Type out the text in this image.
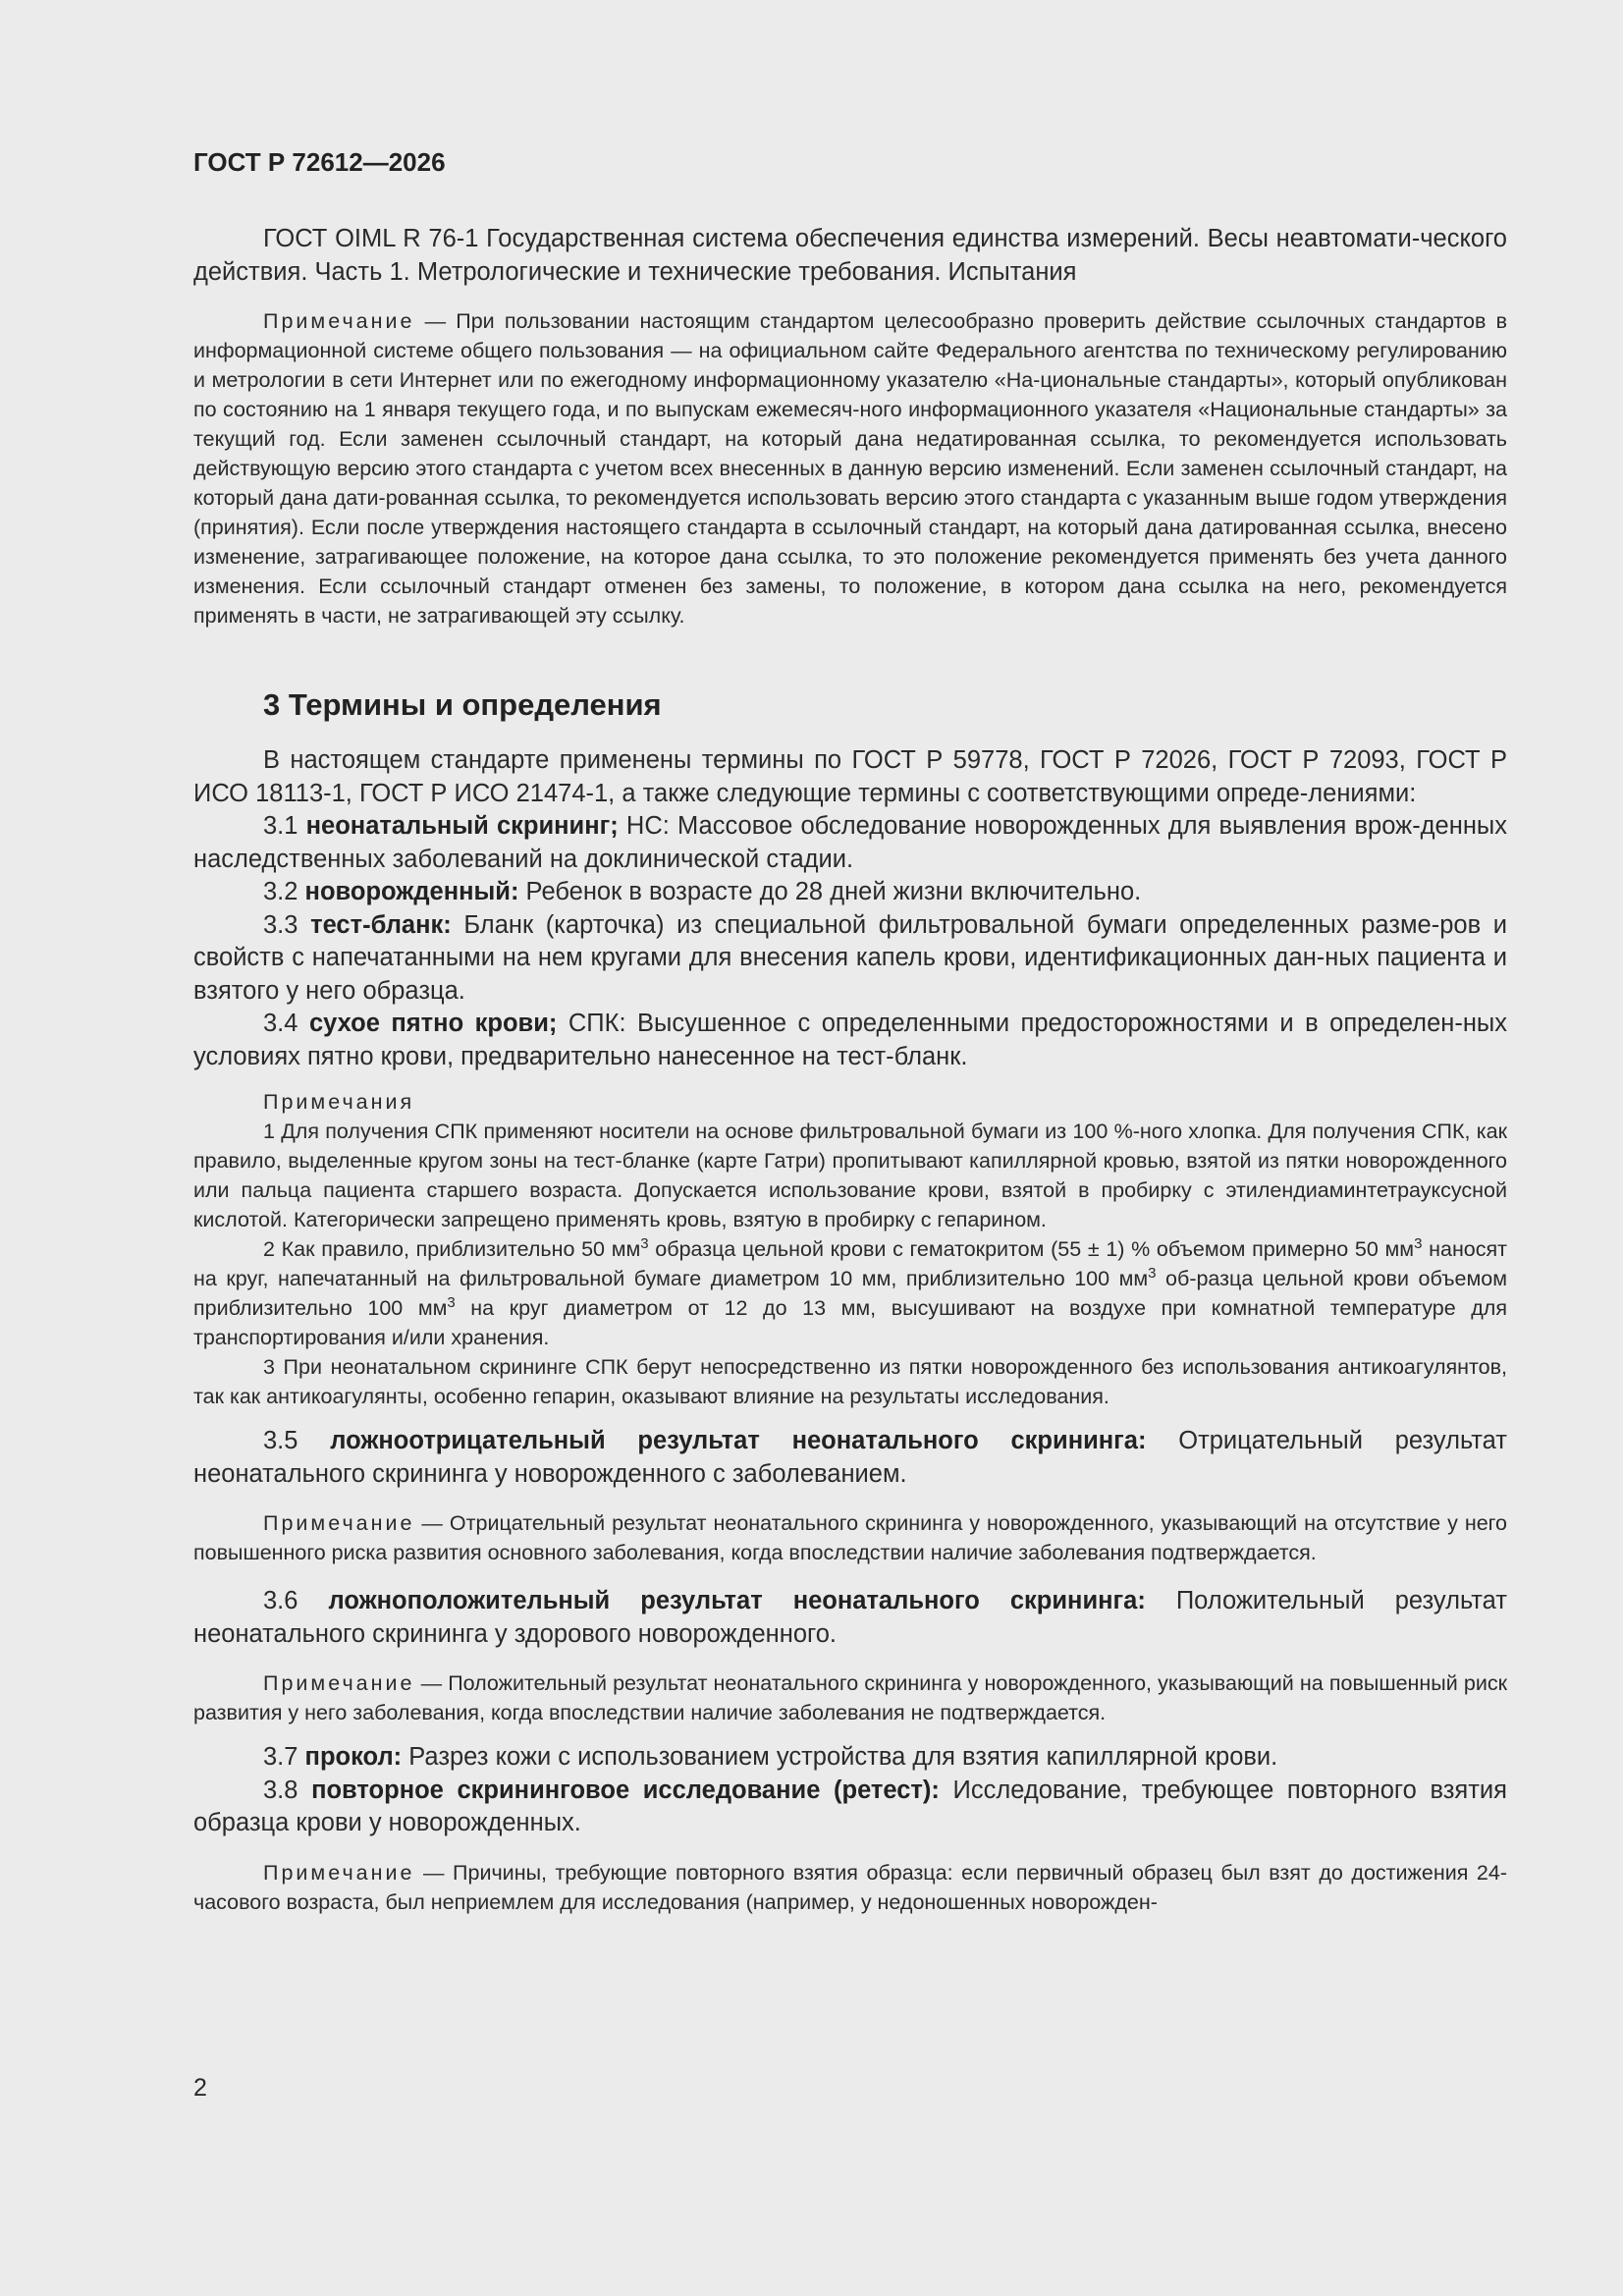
ГОСТ Р 72612—2026

ГОСТ OIML R 76-1 Государственная система обеспечения единства измерений. Весы неавтомати-ческого действия. Часть 1. Метрологические и технические требования. Испытания

Примечание — При пользовании настоящим стандартом целесообразно проверить действие ссылочных стандартов в информационной системе общего пользования — на официальном сайте Федерального агентства по техническому регулированию и метрологии в сети Интернет или по ежегодному информационному указателю «На-циональные стандарты», который опубликован по состоянию на 1 января текущего года, и по выпускам ежемесяч-ного информационного указателя «Национальные стандарты» за текущий год. Если заменен ссылочный стандарт, на который дана недатированная ссылка, то рекомендуется использовать действующую версию этого стандарта с учетом всех внесенных в данную версию изменений. Если заменен ссылочный стандарт, на который дана дати-рованная ссылка, то рекомендуется использовать версию этого стандарта с указанным выше годом утверждения (принятия). Если после утверждения настоящего стандарта в ссылочный стандарт, на который дана датированная ссылка, внесено изменение, затрагивающее положение, на которое дана ссылка, то это положение рекомендуется применять без учета данного изменения. Если ссылочный стандарт отменен без замены, то положение, в котором дана ссылка на него, рекомендуется применять в части, не затрагивающей эту ссылку.

3 Термины и определения

В настоящем стандарте применены термины по ГОСТ Р 59778, ГОСТ Р 72026, ГОСТ Р 72093, ГОСТ Р ИСО 18113-1, ГОСТ Р ИСО 21474-1, а также следующие термины с соответствующими опреде-лениями:

3.1 неонатальный скрининг; НС: Массовое обследование новорожденных для выявления врож-денных наследственных заболеваний на доклинической стадии.

3.2 новорожденный: Ребенок в возрасте до 28 дней жизни включительно.

3.3 тест-бланк: Бланк (карточка) из специальной фильтровальной бумаги определенных разме-ров и свойств с напечатанными на нем кругами для внесения капель крови, идентификационных дан-ных пациента и взятого у него образца.

3.4 сухое пятно крови; СПК: Высушенное с определенными предосторожностями и в определен-ных условиях пятно крови, предварительно нанесенное на тест-бланк.

Примечания

1 Для получения СПК применяют носители на основе фильтровальной бумаги из 100 %-ного хлопка. Для получения СПК, как правило, выделенные кругом зоны на тест-бланке (карте Гатри) пропитывают капиллярной кровью, взятой из пятки новорожденного или пальца пациента старшего возраста. Допускается использование крови, взятой в пробирку с этилендиаминтетрауксусной кислотой. Категорически запрещено применять кровь, взятую в пробирку с гепарином.

2 Как правило, приблизительно 50 $мм^3$ образца цельной крови с гематокритом (55 ± 1) % объемом примерно 50 $мм^3$ наносят на круг, напечатанный на фильтровальной бумаге диаметром 10 мм, приблизительно 100 $мм^3$ об-разца цельной крови объемом приблизительно 100 $мм^3$ на круг диаметром от 12 до 13 мм, высушивают на воздухе при комнатной температуре для транспортирования и/или хранения.

3 При неонатальном скрининге СПК берут непосредственно из пятки новорожденного без использования антикоагулянтов, так как антикоагулянты, особенно гепарин, оказывают влияние на результаты исследования.

3.5 ложноотрицательный результат неонатального скрининга: Отрицательный результат неонатального скрининга у новорожденного с заболеванием.

Примечание — Отрицательный результат неонатального скрининга у новорожденного, указывающий на отсутствие у него повышенного риска развития основного заболевания, когда впоследствии наличие заболевания подтверждается.

3.6 ложноположительный результат неонатального скрининга: Положительный результат неонатального скрининга у здорового новорожденного.

Примечание — Положительный результат неонатального скрининга у новорожденного, указывающий на повышенный риск развития у него заболевания, когда впоследствии наличие заболевания не подтверждается.

3.7 прокол: Разрез кожи с использованием устройства для взятия капиллярной крови.

3.8 повторное скрининговое исследование (ретест): Исследование, требующее повторного взятия образца крови у новорожденных.

Примечание — Причины, требующие повторного взятия образца: если первичный образец был взят до достижения 24-часового возраста, был неприемлем для исследования (например, у недоношенных новорожден-

2
